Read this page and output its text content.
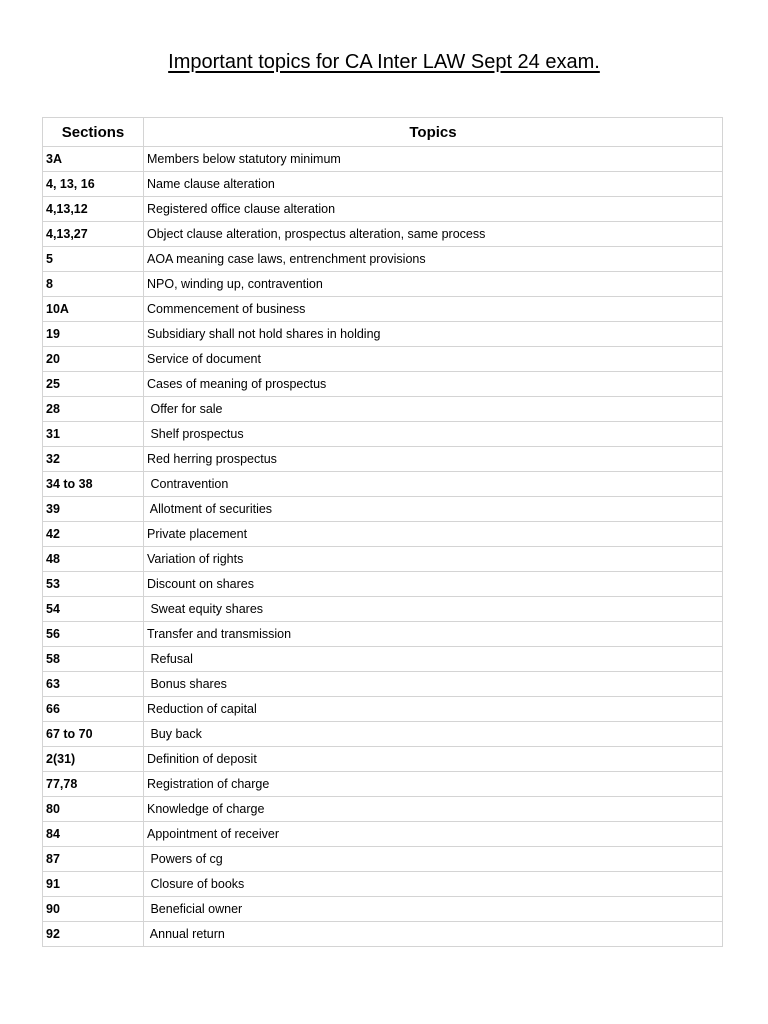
Important topics for CA Inter LAW Sept 24 exam.
Sections	Topics
3A	Members below statutory minimum
4, 13, 16	Name clause alteration
4,13,12	Registered office clause alteration
4,13,27	Object clause alteration, prospectus alteration, same process
5	AOA meaning case laws, entrenchment provisions
8	NPO, winding up, contravention
10A	Commencement of business
19	Subsidiary shall not hold shares in holding
20	Service of document
25	Cases of meaning of prospectus
28	Offer for sale
31	Shelf prospectus
32	Red herring prospectus
34 to 38	Contravention
39	Allotment of securities
42	Private placement
48	Variation of rights
53	Discount on shares
54	Sweat equity shares
56	Transfer and transmission
58	Refusal
63	Bonus shares
66	Reduction of capital
67 to 70	Buy back
2(31)	Definition of deposit
77,78	Registration of charge
80	Knowledge of charge
84	Appointment of receiver
87	Powers of cg
91	Closure of books
90	Beneficial owner
92	Annual return
